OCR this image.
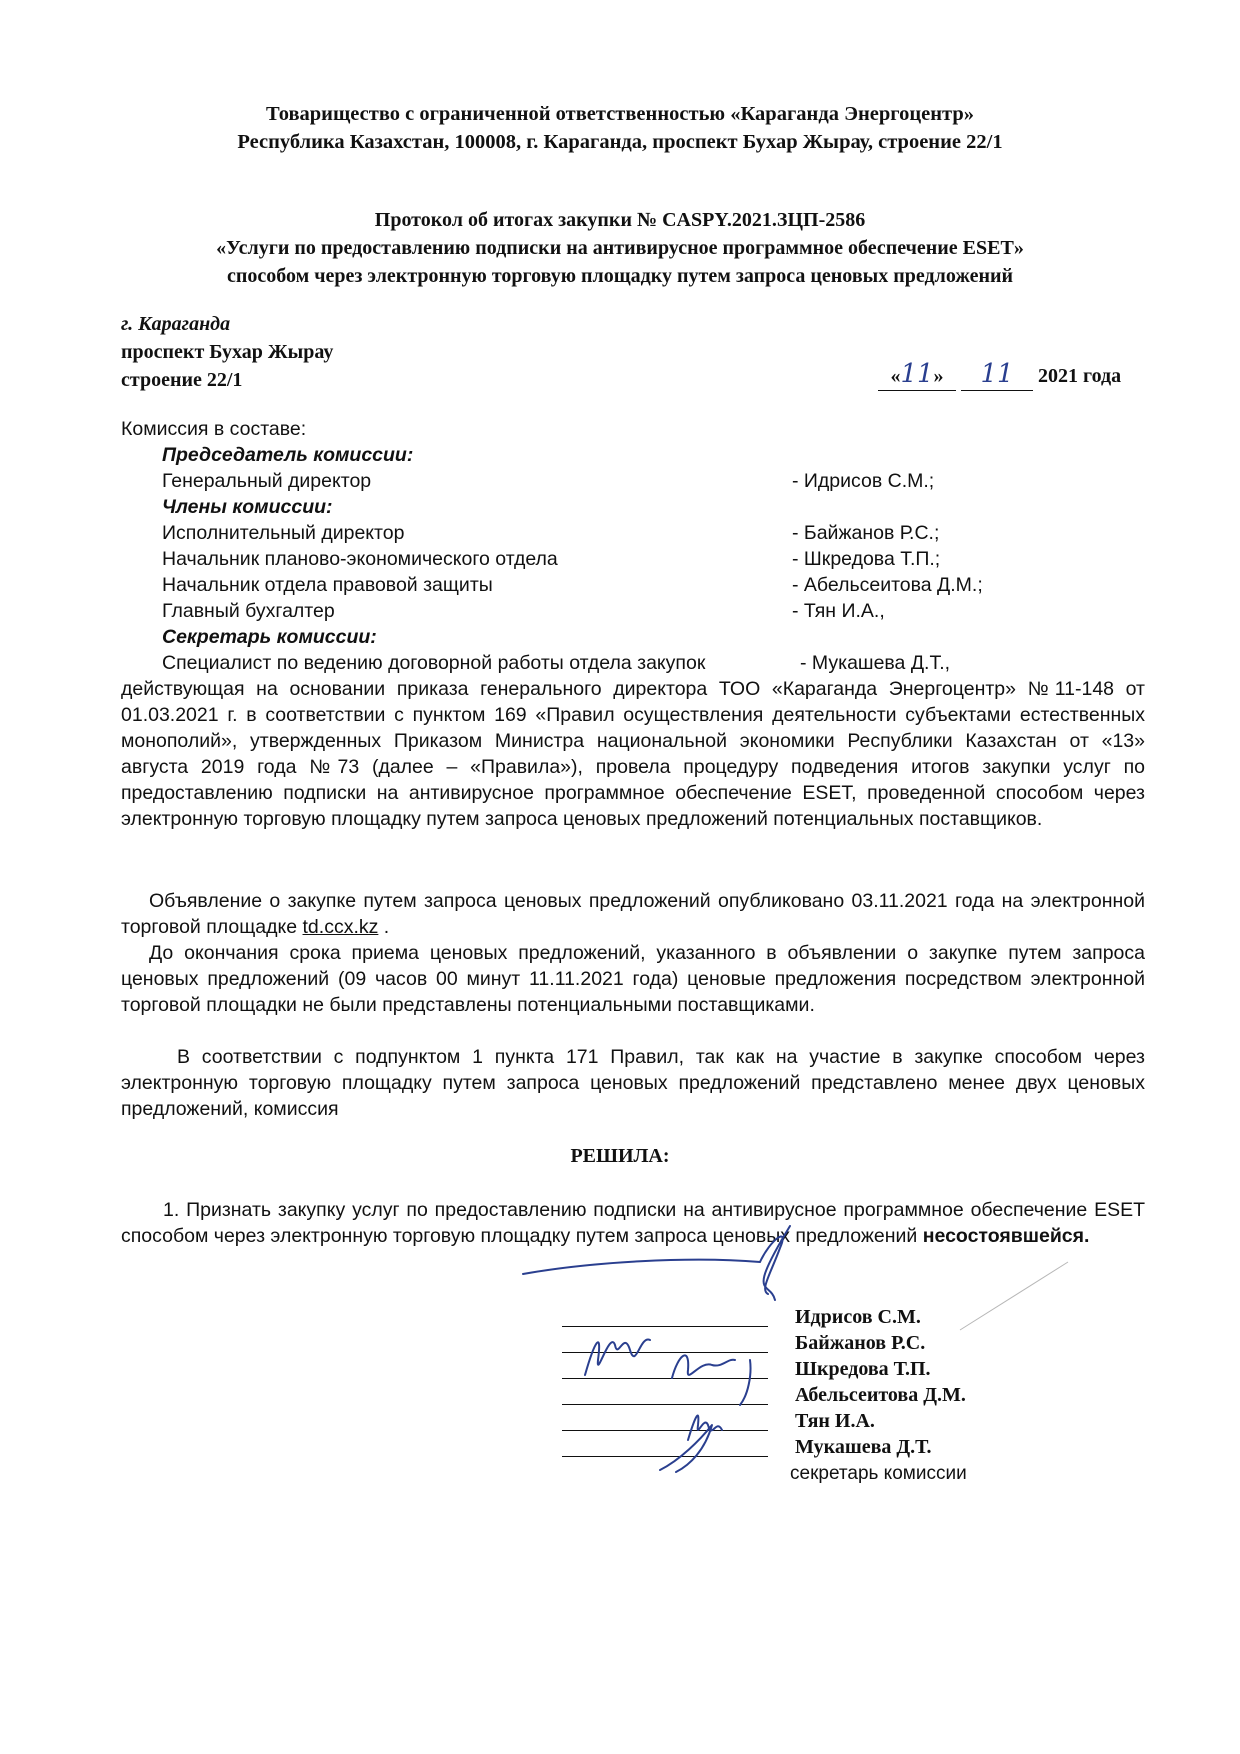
Товарищество с ограниченной ответственностью «Караганда Энергоцентр»
Республика Казахстан, 100008, г. Караганда, проспект Бухар Жырау, строение 22/1
Протокол об итогах закупки № CASPY.2021.ЗЦП-2586
«Услуги по предоставлению подписки на антивирусное программное обеспечение ESET»
способом через электронную торговую площадку путем запроса ценовых предложений
г. Караганда
проспект Бухар Жырау
строение 22/1	«11» 11 2021 года
Комиссия в составе:
Председатель комиссии:
Генеральный директор	- Идрисов С.М.;
Члены комиссии:
Исполнительный директор	- Байжанов Р.С.;
Начальник планово-экономического отдела	- Шкредова Т.П.;
Начальник отдела правовой защиты	- Абельсеитова Д.М.;
Главный бухгалтер	- Тян И.А.,
Секретарь комиссии:
Специалист по ведению договорной работы отдела закупок	- Мукашева Д.Т.,
действующая на основании приказа генерального директора ТОО «Караганда Энергоцентр» №11-148 от 01.03.2021 г. в соответствии с пунктом 169 «Правил осуществления деятельности субъектами естественных монополий», утвержденных Приказом Министра национальной экономики Республики Казахстан от «13» августа 2019 года №73 (далее – «Правила»), провела процедуру подведения итогов закупки услуг по предоставлению подписки на антивирусное программное обеспечение ESET, проведенной способом через электронную торговую площадку путем запроса ценовых предложений потенциальных поставщиков.
Объявление о закупке путем запроса ценовых предложений опубликовано 03.11.2021 года на электронной торговой площадке td.ccx.kz .
До окончания срока приема ценовых предложений, указанного в объявлении о закупке путем запроса ценовых предложений (09 часов 00 минут 11.11.2021 года) ценовые предложения посредством электронной торговой площадки не были представлены потенциальными поставщиками.
В соответствии с подпунктом 1 пункта 171 Правил, так как на участие в закупке способом через электронную торговую площадку путем запроса ценовых предложений представлено менее двух ценовых предложений, комиссия
РЕШИЛА:
1. Признать закупку услуг по предоставлению подписки на антивирусное программное обеспечение ESET способом через электронную торговую площадку путем запроса ценовых предложений несостоявшейся.
Идрисов С.М.
Байжанов Р.С.
Шкредова Т.П.
Абельсеитова Д.М.
Тян И.А.
Мукашева Д.Т.
секретарь комиссии
